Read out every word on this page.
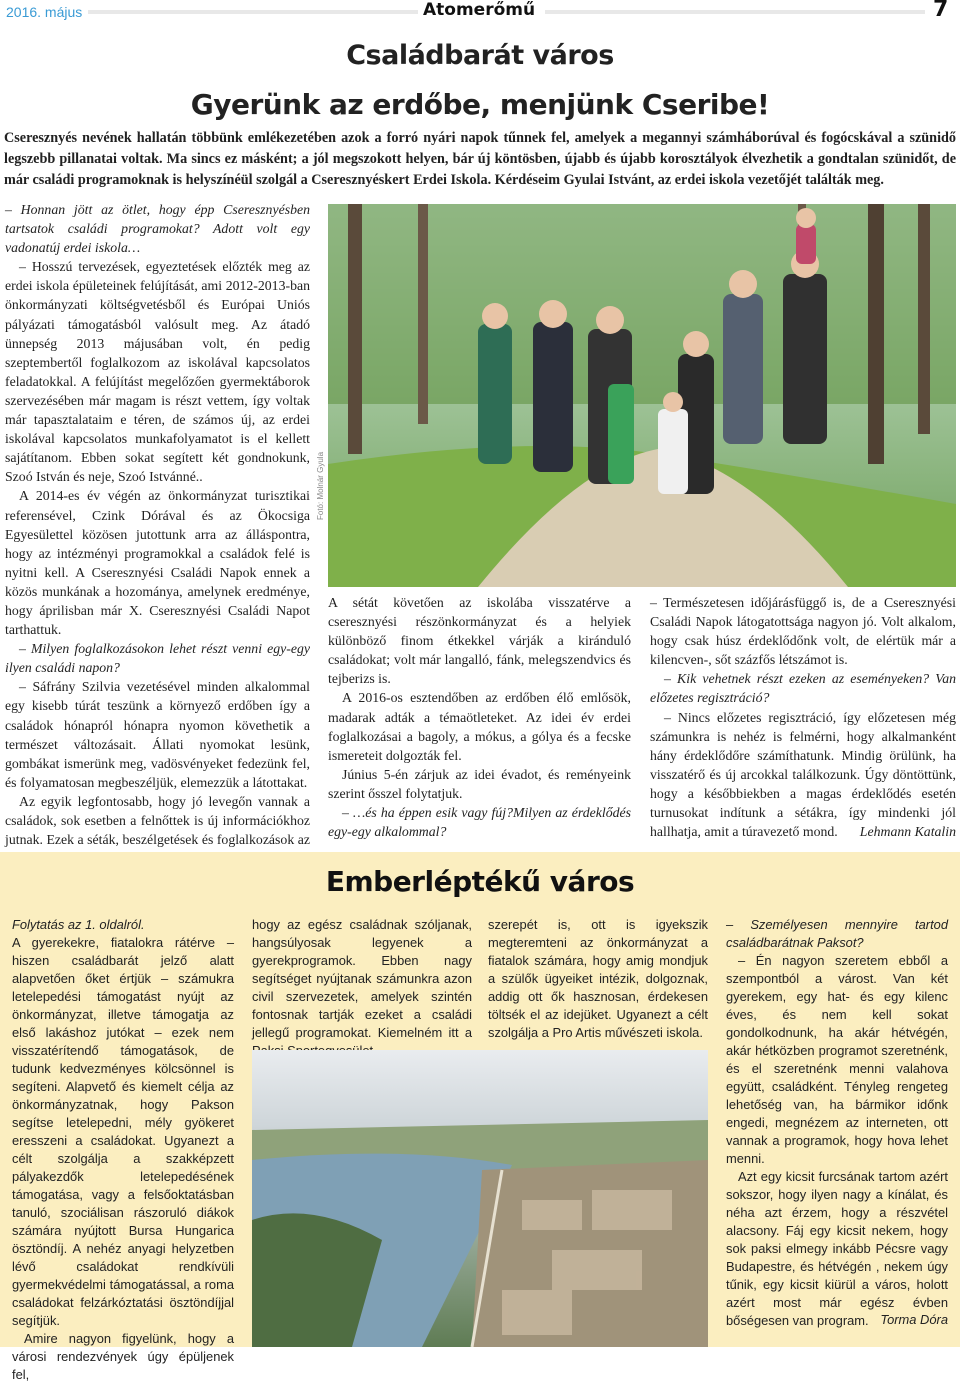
2016. május	Atomerőmű	7
Családbarát város
Gyerünk az erdőbe, menjünk Cseribe!
Cseresznyés nevének hallatán többünk emlékezetében azok a forró nyári napok tűnnek fel, amelyek a megannyi számháborúval és fogócskával a szünidő legszebb pillanatai voltak. Ma sincs ez másként; a jól megszokott helyen, bár új köntösben, újabb és újabb korosztályok élvezhetik a gondtalan szünidőt, de már családi programoknak is helyszínéül szolgál a Cseresznyéskert Erdei Iskola. Kérdéseim Gyulai Istvánt, az erdei iskola vezetőjét találták meg.

– Honnan jött az ötlet, hogy épp Cseresznyésben tartsatok családi programokat? Adott volt egy vadonatúj erdei iskola…

– Hosszú tervezések, egyeztetések előzték meg az erdei iskola épületeinek felújítását, ami 2012-2013-ban önkormányzati költségvetésből és Európai Uniós pályázati támogatásból valósult meg. Az átadó ünnepség 2013 májusában volt, én pedig szeptembertől foglalkozom az iskolával kapcsolatos feladatokkal. A felújítást megelőzően gyermektáborok szervezésében már magam is részt vettem, így voltak már tapasztalataim e téren, de számos új, az erdei iskolával kapcsolatos munkafolyamatot is el kellett sajátítanom. Ebben sokat segített két gondnokunk, Szoó István és neje, Szoó Istvánné..

A 2014-es év végén az önkormányzat turisztikai referensével, Czink Dórával és az Ökocsiga Egyesülettel közösen jutottunk arra az álláspontra, hogy az intézményi programokkal a családok felé is nyitni kell. A Cseresznyési Családi Napok ennek a közös munkának a hozománya, amelynek eredménye, hogy áprilisban már X. Cseresznyési Családi Napot tarthattuk.

– Milyen foglalkozásokon lehet részt venni egy-egy ilyen családi napon?

– Sáfrány Szilvia vezetésével minden alkalommal egy kisebb túrát teszünk a környező erdőben így a családok hónapról hónapra nyomon követhetik a természet változásait. Állati nyomokat lesünk, gombákat ismerünk meg, vadösvényeket fedezünk fel, és folyamatosan megbeszéljük, elemezzük a látottakat.

Az egyik legfontosabb, hogy jó levegőn vannak a családok, sok esetben a felnőttek is új információkhoz jutnak. Ezek a séták, beszélgetések és foglalkozások az

Fotó: Molnár Gyula

A sétát követően az iskolába visszatérve a cseresznyési részönkormányzat és a helyiek különböző finom étkekkel várják a kiránduló családokat; volt már langalló, fánk, melegszendvics és tejberizs is.

A 2016-os esztendőben az erdőben élő emlősök, madarak adták a témaötleteket. Az idei év erdei foglalkozásai a bagoly, a mókus, a gólya és a fecske ismereteit dolgozták fel.

Június 5-én zárjuk az idei évadot, és reményeink szerint ősszel folytatjuk.

– …és ha éppen esik vagy fúj?Milyen az érdeklődés egy-egy alkalommal?

– Természetesen időjárásfüggő is, de a Cseresznyési Családi Napok látogatottsága nagyon jó. Volt alkalom, hogy csak húsz érdeklődőnk volt, de elértük már a kilencven-, sőt százfős létszámot is.

– Kik vehetnek részt ezeken az eseményeken? Van előzetes regisztráció?

– Nincs előzetes regisztráció, így előzetesen még számunkra is nehéz is felmérni, hogy alkalmanként hány érdeklődőre számíthatunk. Mindig örülünk, ha visszatérő és új arcokkal találkozunk. Úgy döntöttünk, hogy a későbbiekben a magas érdeklődés esetén turnusokat indítunk a sétákra, így mindenki jól hallhatja, amit a túravezető mond.	Lehmann Katalin

Emberléptékű város

Folytatás az 1. oldalról.

A gyerekekre, fiatalokra rátérve – hiszen családbarát jelző alatt alapvetően őket értjük – számukra letelepedési támogatást nyújt az önkormányzat, illetve támogatja az első lakáshoz jutókat – ezek nem visszatérítendő támogatások, de tudunk kedvezményes kölcsönnel is segíteni. Alapvető és kiemelt célja az önkormányzatnak, hogy Pakson segítse letelepedni, mély gyökeret eresszeni a családokat. Ugyanezt a célt szolgálja a szakképzett pályakezdők letelepedésének támogatása, vagy a felsőoktatásban tanuló, szociálisan rászoruló diákok számára nyújtott Bursa Hungarica ösztöndíj. A nehéz anyagi helyzetben lévő családokat rendkívüli gyermekvédelmi támogatással, a roma családokat felzárkóztatási ösztöndíjjal segítjük.

Amire nagyon figyelünk, hogy a városi rendezvények úgy épüljenek fel,

hogy az egész családnak szóljanak, hangsúlyosak legyenek a gyerekprogramok. Ebben nagy segítséget nyújtanak számunkra azon civil szervezetek, amelyek szintén fontosnak tartják ezeket a családi jellegű programokat. Kiemelném itt a

szerepét is, ott is igyekszik megteremteni az önkormányzat a fiatalok számára, hogy amig mondjuk a szülők ügyeiket intézik, dolgoznak, addig ott ők hasznosan, érdekesen töltsék el az idejüket. Ugyanezt a célt szolgálja a Pro Artis művészeti iskola.

– Személyesen mennyire tartod családbarátnak Paksot?

– Én nagyon szeretem ebből a szempontból a várost. Van két gyerekem, egy hat- és egy kilenc éves, és nem kell sokat gondolkodnunk, ha akár hétvégén, akár hétközben programot szeretnénk, és el szeretnénk menni valahova együtt, családként. Tényleg rengeteg lehetőség van, ha bármikor időnk engedi, megnézem az interneten, ott vannak a programok, hogy hova lehet menni.

Azt egy kicsit furcsának tartom azért sokszor, hogy ilyen nagy a kínálat, és néha azt érzem, hogy a részvétel alacsony. Fáj egy kicsit nekem, hogy sok paksi elmegy inkább Pécsre vagy Budapestre, és hétvégén , nekem úgy tűnik, egy kicsit kiürül a város, holott azért most már egész évben bőségesen van program. Torma Dóra
